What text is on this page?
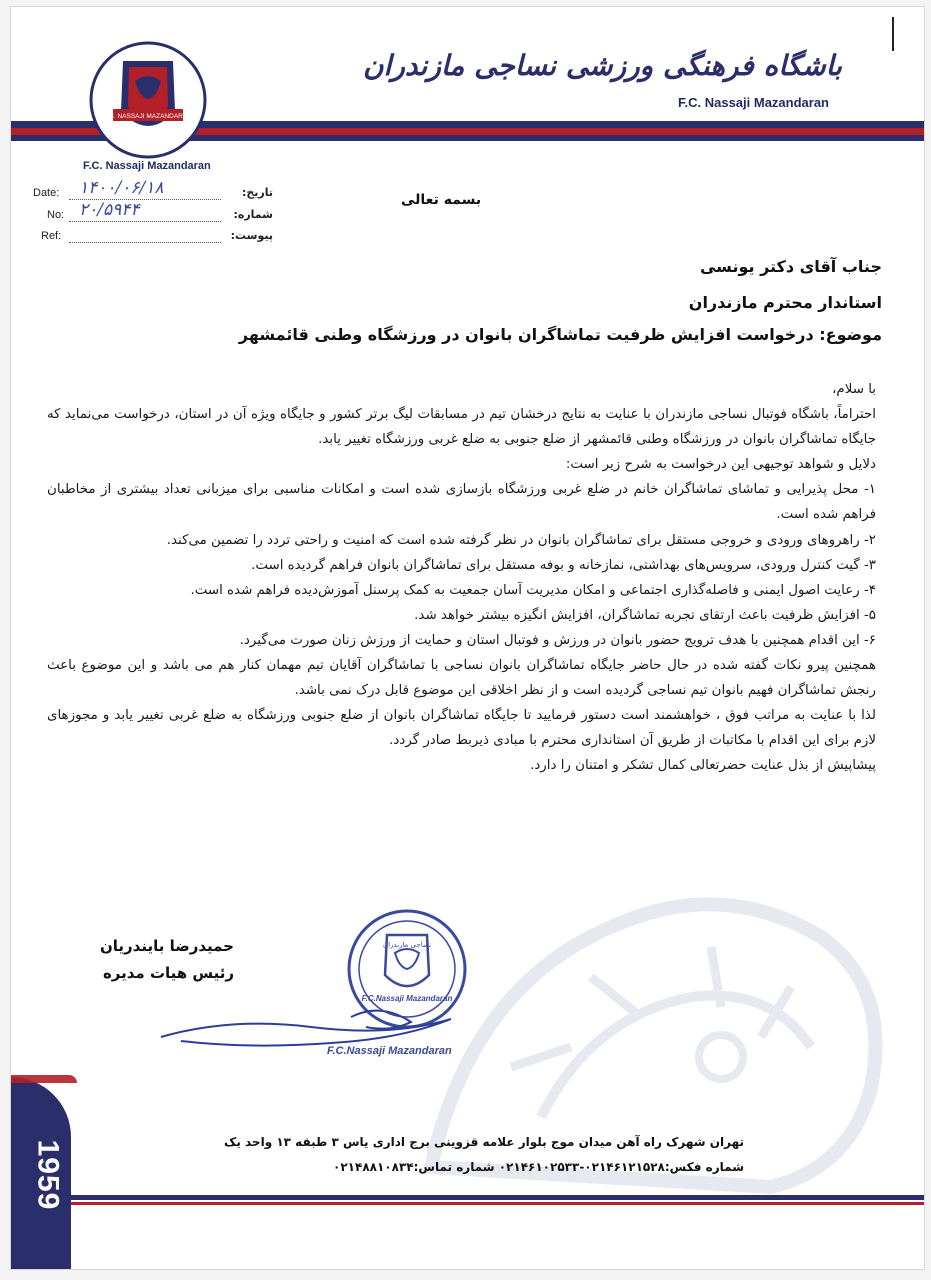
F.C. NASSAJI MAZANDARAN
F.C. Nassaji Mazandaran
باشگاه فرهنگی ورزشی نساجی مازندران
F.C. Nassaji Mazandaran
Date: ۱۴۰۰/۰۶/۱۸	تاریخ:
No: ۲۰/۵۹۴۴	شماره:
Ref:	پیوست:
بسمه تعالی
جناب آقای دکتر یونسی
استاندار محترم مازندران
موضوع: درخواست افزایش ظرفیت تماشاگران بانوان در ورزشگاه وطنی قائمشهر

با سلام،

احتراماً، باشگاه فوتبال نساجی مازندران با عنایت به نتایج درخشان تیم در مسابقات لیگ برتر کشور و جایگاه ویژه آن در استان، درخواست می‌نماید که جایگاه تماشاگران بانوان در ورزشگاه وطنی قائمشهر از ضلع جنوبی به ضلع غربی ورزشگاه تغییر یابد.

دلایل و شواهد توجیهی این درخواست به شرح زیر است:

۱- محل پذیرایی و تماشای تماشاگران خانم در ضلع غربی ورزشگاه بازسازی شده است و امکانات مناسبی برای میزبانی تعداد بیشتری از مخاطبان فراهم شده است.

۲- راهروهای ورودی و خروجی مستقل برای تماشاگران بانوان در نظر گرفته شده است که امنیت و راحتی تردد را تضمین می‌کند.

۳- گیت کنترل ورودی، سرویس‌های بهداشتی، نمازخانه و بوفه مستقل برای تماشاگران بانوان فراهم گردیده است.

۴- رعایت اصول ایمنی و فاصله‌گذاری اجتماعی و امکان مدیریت آسان جمعیت به کمک پرسنل آموزش‌دیده فراهم شده است.

۵- افزایش ظرفیت باعث ارتقای تجربه تماشاگران، افزایش انگیزه بیشتر خواهد شد.

۶- این اقدام همچنین با هدف ترویج حضور بانوان در ورزش و فوتبال استان و حمایت از ورزش زنان صورت می‌گیرد.

همچنین پیرو نکات گفته شده در حال حاضر جایگاه تماشاگران بانوان نساجی با تماشاگران آقایان تیم مهمان کنار هم می باشد و این موضوع باعث رنجش تماشاگران فهیم بانوان تیم نساجی گردیده است و از نظر اخلاقی این موضوع قابل درک نمی باشد.

لذا با عنایت به مراتب فوق ، خواهشمند است دستور فرمایید تا جایگاه تماشاگران بانوان از ضلع جنوبی ورزشگاه به ضلع غربی تغییر یابد و مجوزهای لازم برای این اقدام با مکاتبات از طریق آن استانداری محترم با مبادی ذیربط صادر گردد.

پیشاپیش از بذل عنایت حضرتعالی کمال تشکر و امتنان را دارد.

حمیدرضا بایندریان
رئیس هیات مدیره
نساجی مازندران
F.C.Nassaji Mazandaran
F.C.Nassaji Mazandaran
1959	تهران شهرک راه آهن میدان موج بلوار علامه قزوینی برج اداری یاس ۳ طبقه ۱۳ واحد یک
شماره فکس:۰۲۱۴۶۱۲۱۵۲۸-۰۲۱۴۶۱۰۲۵۳۳ شماره تماس:۰۲۱۴۸۸۱۰۸۳۴
